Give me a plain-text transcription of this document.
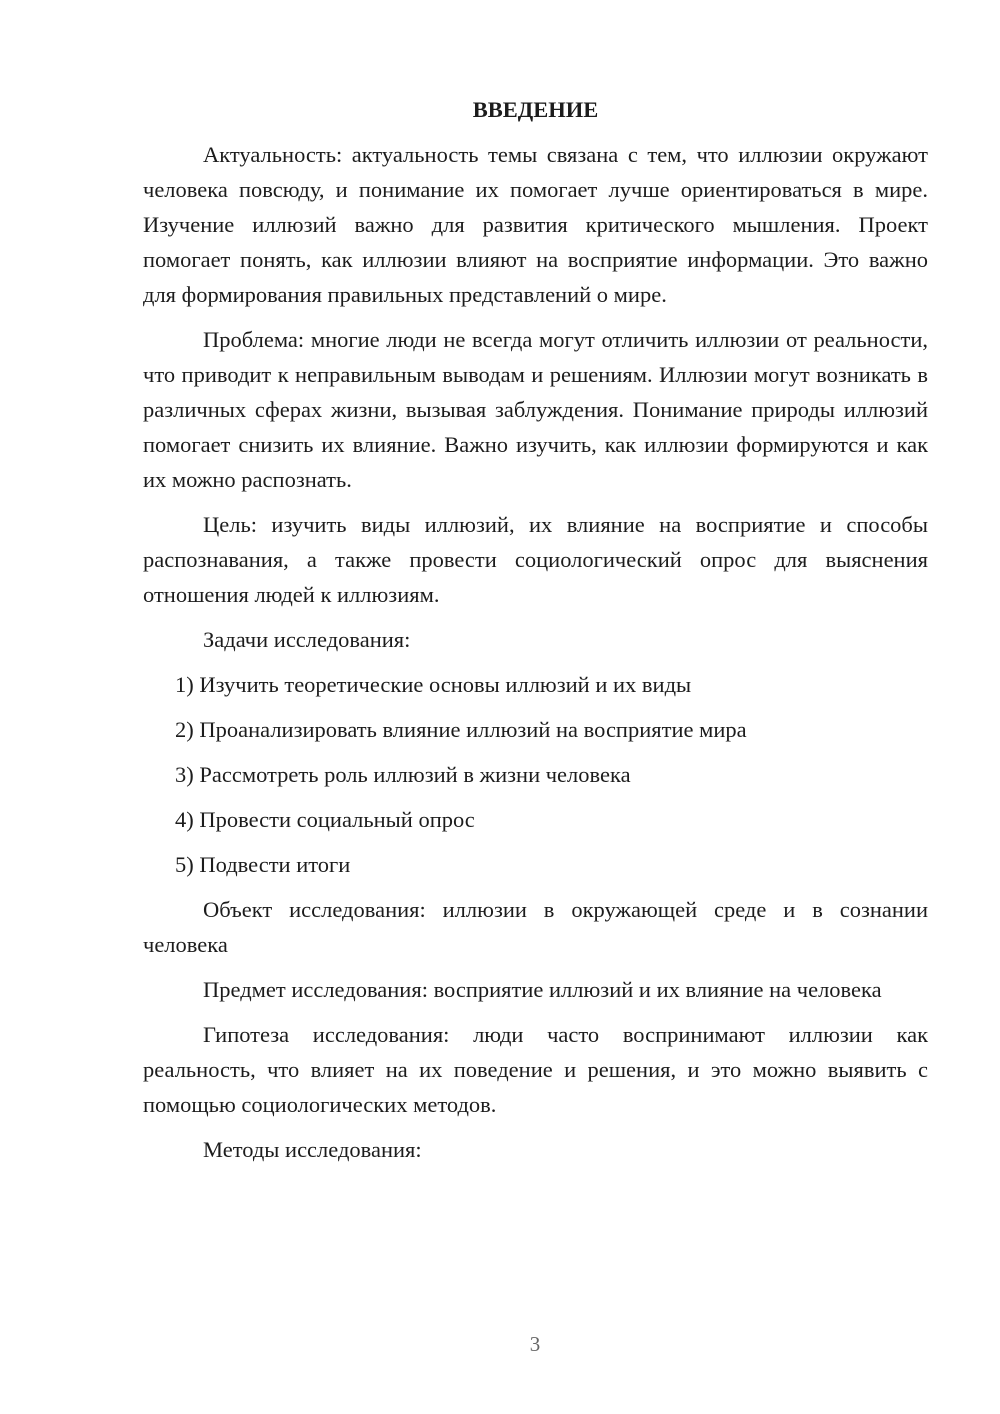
ВВЕДЕНИЕ

Актуальность: актуальность темы связана с тем, что иллюзии окружают человека повсюду, и понимание их помогает лучше ориентироваться в мире. Изучение иллюзий важно для развития критического мышления. Проект помогает понять, как иллюзии влияют на восприятие информации. Это важно для формирования правильных представлений о мире.

Проблема: многие люди не всегда могут отличить иллюзии от реальности, что приводит к неправильным выводам и решениям. Иллюзии могут возникать в различных сферах жизни, вызывая заблуждения. Понимание природы иллюзий помогает снизить их влияние. Важно изучить, как иллюзии формируются и как их можно распознать.

Цель: изучить виды иллюзий, их влияние на восприятие и способы распознавания, а также провести социологический опрос для выяснения отношения людей к иллюзиям.

Задачи исследования:

1) Изучить теоретические основы иллюзий и их виды
2) Проанализировать влияние иллюзий на восприятие мира
3) Рассмотреть роль иллюзий в жизни человека
4) Провести социальный опрос
5) Подвести итоги

Объект исследования: иллюзии в окружающей среде и в сознании человека

Предмет исследования: восприятие иллюзий и их влияние на человека

Гипотеза исследования: люди часто воспринимают иллюзии как реальность, что влияет на их поведение и решения, и это можно выявить с помощью социологических методов.

Методы исследования:

3
